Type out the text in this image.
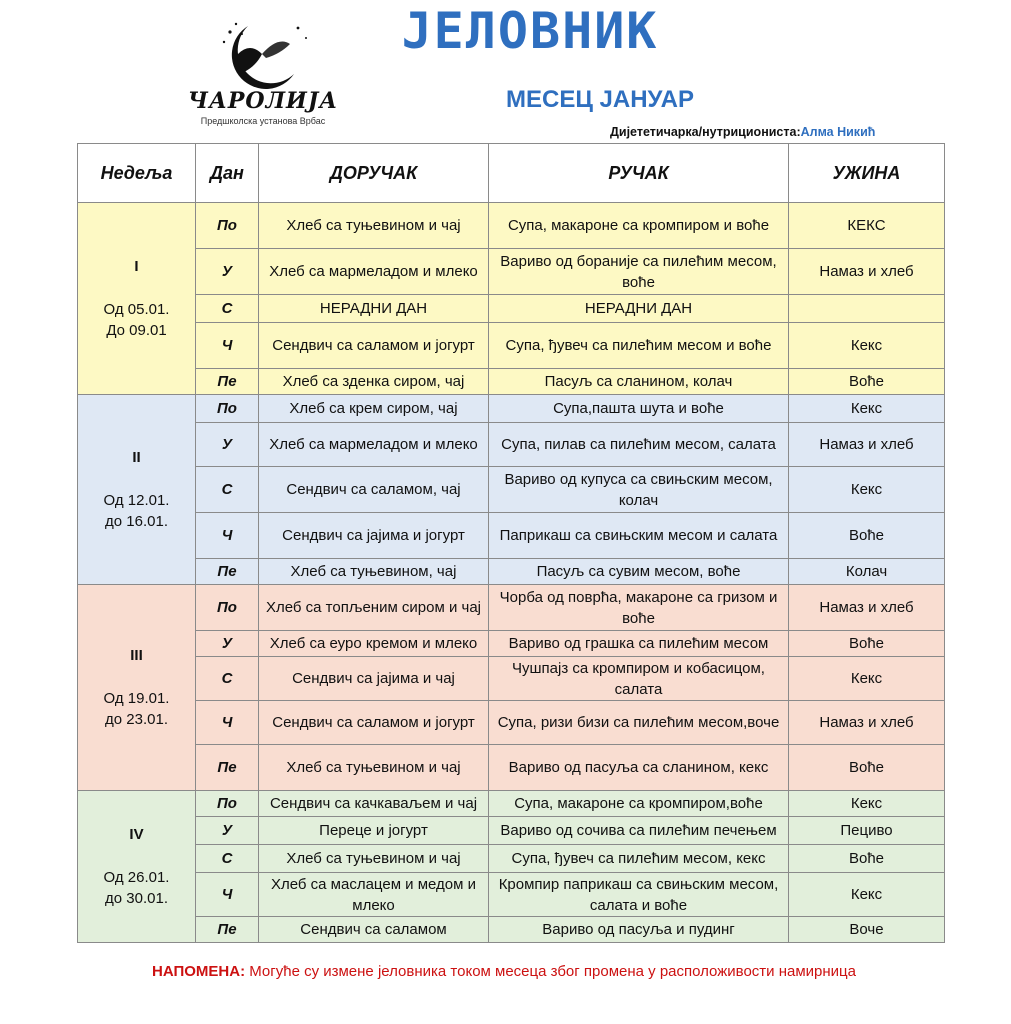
ЧАРОЛИЈА
Предшколска установа Врбас
ЈЕЛОВНИК
МЕСЕЦ ЈАНУАР
Дијететичарка/нутрициониста:Алма Никић
Недеља	Дан	ДОРУЧАК	РУЧАК	УЖИНА

I
Од 05.01.
До 09.01	По	Хлеб са туњевином и чај	Супа, макароне са кромпиром и воће	КЕКС
	У	Хлеб са мармеладом и млеко	Вариво од боранијe са пилећим месом, воће	Намаз и хлеб
	С	НЕРАДНИ ДАН	НЕРАДНИ ДАН	
	Ч	Сендвич са саламом и јогурт	Супа, ђувеч са пилећим месом и воће	Кекс
	Пе	Хлеб са зденка сиром, чај	Пасуљ са сланином, колач	Воће

II
Од 12.01.
до 16.01.	По	Хлеб са крем сиром, чај	Супа,пашта шута и воће	Кекс
	У	Хлеб са мармеладом и млеко	Супа, пилав са пилећим месом, салата	Намаз и хлеб
	С	Сендвич са саламом, чај	Вариво од купуса са свињским месом, колач	Кекс
	Ч	Сендвич са јајима и јогурт	Паприкаш са свињским месом и салата	Воће
	Пе	Хлеб са туњевином, чај	Пасуљ са сувим месом, воће	Колач

III
Од 19.01.
до 23.01.	По	Хлеб са топљеним сиром и чај	Чорба од поврћа, макароне са гризом и воће	Намаз и хлеб
	У	Хлеб са еуро кремом и млеко	Вариво од грашка са пилећим месом	Воће
	С	Сендвич са јајима и чај	Чушпајз са кромпиром и кобасицом, салата	Кекс
	Ч	Сендвич са саламом и јогурт	Супа, ризи бизи са пилећим месом,воче	Намаз и хлеб
	Пе	Хлеб са туњевином и чај	Вариво од пасуља са сланином, кекс	Воће

IV
Од 26.01.
до 30.01.	По	Сендвич са качкаваљем и чај	Супа, макароне са кромпиром,воће	Кекс
	У	Переце и јогурт	Вариво од сочива са пилећим печењем	Пециво
	С	Хлеб са туњевином и чај	Супа, ђувеч са пилећим месом, кекс	Воће
	Ч	Хлеб са маслацем и медом и млеко	Кромпир паприкаш са свињским месом, салата и воће	Кекс
	Пе	Сендвич са саламом	Вариво од пасуља и пудинг	Воче
НАПОМЕНА: Могуће су измене јеловника током месеца због промена у расположивости намирница
